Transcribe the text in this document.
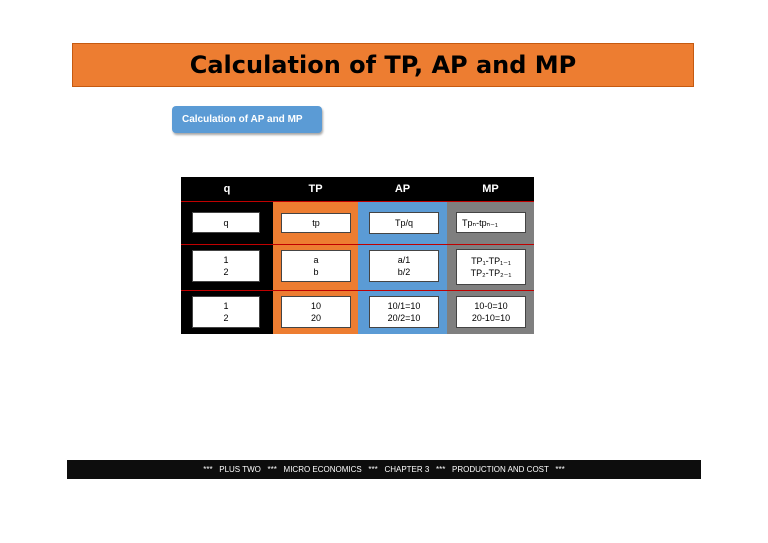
Calculation of TP, AP and MP
Calculation of AP and MP
q
q
1
2
1
2
TP
tp
a
b
10
20
AP
Tp/q
a/1
b/2
10/1=10
20/2=10
MP
Tpₙ-tpₙ₋₁
TP₁-TP₁₋₁
TP₂-TP₂₋₁
10-0=10
20-10=10
***   PLUS TWO   ***   MICRO ECONOMICS   ***   CHAPTER 3   ***   PRODUCTION AND COST   ***
